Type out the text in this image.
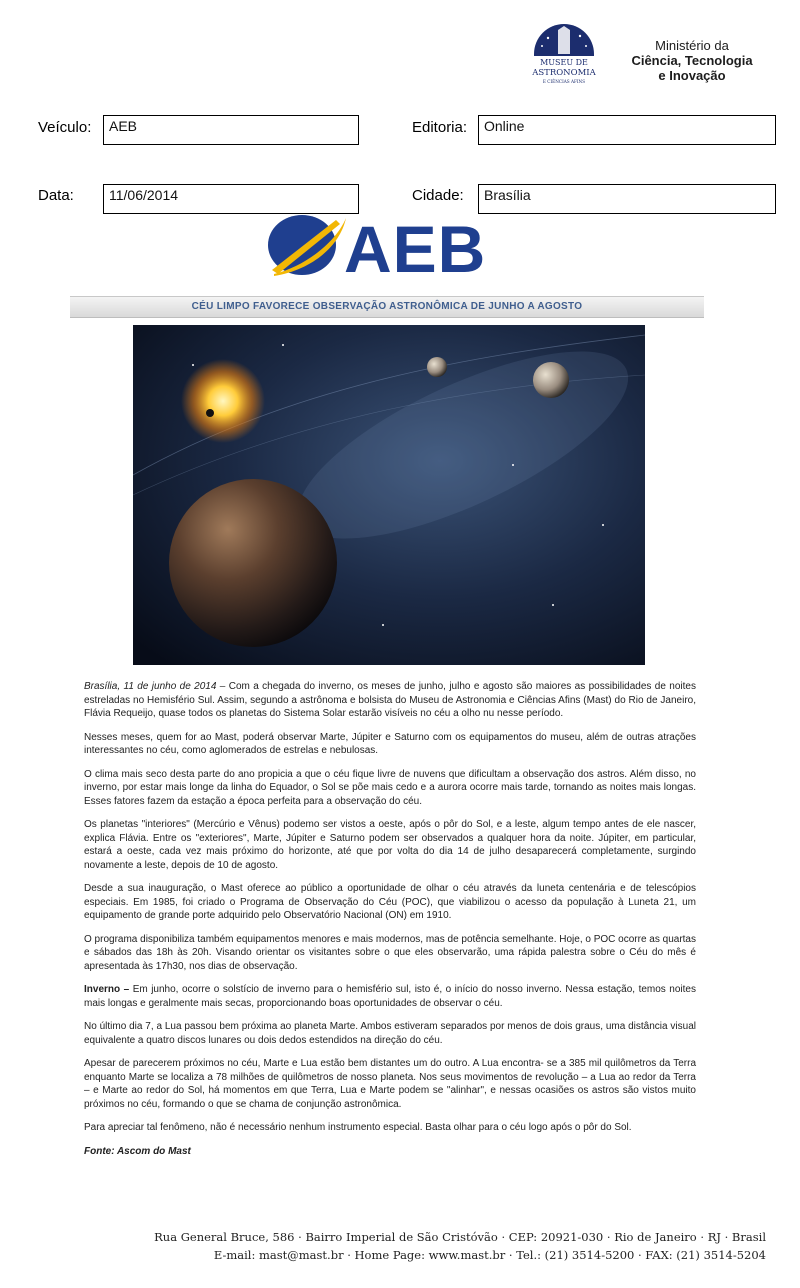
MUSEU DE
ASTRONOMIA
E CIÊNCIAS AFINS
Ministério da
Ciência, Tecnologia
e Inovação
Veículo:	AEB	Editoria:	Online
Data:	11/06/2014	Cidade:	Brasília
AEB
CÉU LIMPO FAVORECE OBSERVAÇÃO ASTRONÔMICA DE JUNHO A AGOSTO

Brasília, 11 de junho de 2014 – Com a chegada do inverno, os meses de junho, julho e agosto são maiores as possibilidades de noites estreladas no Hemisfério Sul. Assim, segundo a astrônoma e bolsista do Museu de Astronomia e Ciências Afins (Mast) do Rio de Janeiro, Flávia Requeijo, quase todos os planetas do Sistema Solar estarão visíveis no céu a olho nu nesse período.

Nesses meses, quem for ao Mast, poderá observar Marte, Júpiter e Saturno com os equipamentos do museu, além de outras atrações interessantes no céu, como aglomerados de estrelas e nebulosas.

O clima mais seco desta parte do ano propicia a que o céu fique livre de nuvens que dificultam a observação dos astros. Além disso, no inverno, por estar mais longe da linha do Equador, o Sol se põe mais cedo e a aurora ocorre mais tarde, tornando as noites mais longas. Esses fatores fazem da estação a época perfeita para a observação do céu.

Os planetas "interiores" (Mercúrio e Vênus) podemo ser vistos a oeste, após o pôr do Sol, e a leste, algum tempo antes de ele nascer, explica Flávia. Entre os "exteriores", Marte, Júpiter e Saturno podem ser observados a qualquer hora da noite. Júpiter, em particular, estará a oeste, cada vez mais próximo do horizonte, até que por volta do dia 14 de julho desaparecerá completamente, surgindo novamente a leste, depois de 10 de agosto.

Desde a sua inauguração, o Mast oferece ao público a oportunidade de olhar o céu através da luneta centenária e de telescópios especiais. Em 1985, foi criado o Programa de Observação do Céu (POC), que viabilizou o acesso da população à Luneta 21, um equipamento de grande porte adquirido pelo Observatório Nacional (ON) em 1910.

O programa disponibiliza também equipamentos menores e mais modernos, mas de potência semelhante. Hoje, o POC ocorre as quartas e sábados das 18h às 20h. Visando orientar os visitantes sobre o que eles observarão, uma rápida palestra sobre o Céu do mês é apresentada às 17h30, nos dias de observação.

Inverno – Em junho, ocorre o solstício de inverno para o hemisfério sul, isto é, o início do nosso inverno. Nessa estação, temos noites mais longas e geralmente mais secas, proporcionando boas oportunidades de observar o céu.

No último dia 7, a Lua passou bem próxima ao planeta Marte. Ambos estiveram separados por menos de dois graus, uma distância visual equivalente a quatro discos lunares ou dois dedos estendidos na direção do céu.

Apesar de parecerem próximos no céu, Marte e Lua estão bem distantes um do outro. A Lua encontra- se a 385 mil quilômetros da Terra enquanto Marte se localiza a 78 milhões de quilômetros de nosso planeta. Nos seus movimentos de revolução – a Lua ao redor da Terra – e Marte ao redor do Sol, há momentos em que Terra, Lua e Marte podem se "alinhar", e nessas ocasiões os astros são vistos muito próximos no céu, formando o que se chama de conjunção astronômica.

Para apreciar tal fenômeno, não é necessário nenhum instrumento especial. Basta olhar para o céu logo após o pôr do Sol.

Fonte: Ascom do Mast

Rua General Bruce, 586 · Bairro Imperial de São Cristóvão · CEP: 20921-030 · Rio de Janeiro · RJ · Brasil
E-mail: mast@mast.br · Home Page: www.mast.br · Tel.: (21) 3514-5200 · FAX: (21) 3514-5204
